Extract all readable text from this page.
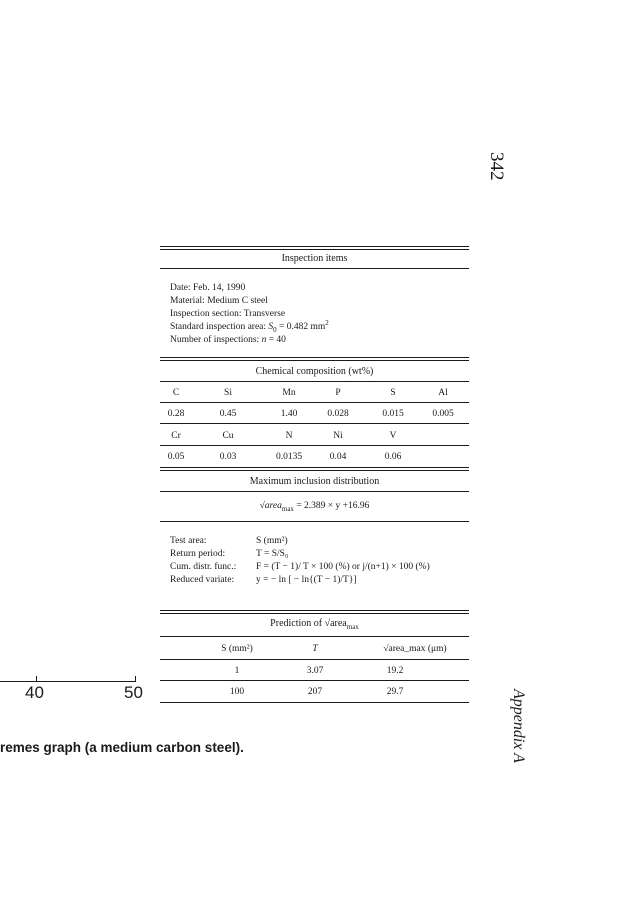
342
Appendix A
40	50
remes graph (a medium carbon steel).
Inspection items
Date: Feb. 14, 1990
Material: Medium C steel
Inspection section: Transverse
Standard inspection area: $S_0 = 0.482$ $mm^2$
Number of inspections: n = 40
Chemical composition (wt%)
C	Si	Mn	P	S	Al
0.28	0.45	1.40	0.028	0.015	0.005
Cr	Cu	N	Ni	V
0.05	0.03	0.0135	0.04	0.06
Maximum inclusion distribution
√area$_{max}$ = 2.389 × y +16.96
Test area:	S (mm²)
Return period:	T = S/S₀
Cum. distr. func.: F = (T − 1)/ T × 100 (%) or j/(n+1) × 100 (%)
Reduced variate: y = − ln [ − ln{(T − 1)/T}]
Prediction of √area$_{max}$
S (mm²)	T	√area_max (μm)
1	3.07	19.2
100	207	29.7
